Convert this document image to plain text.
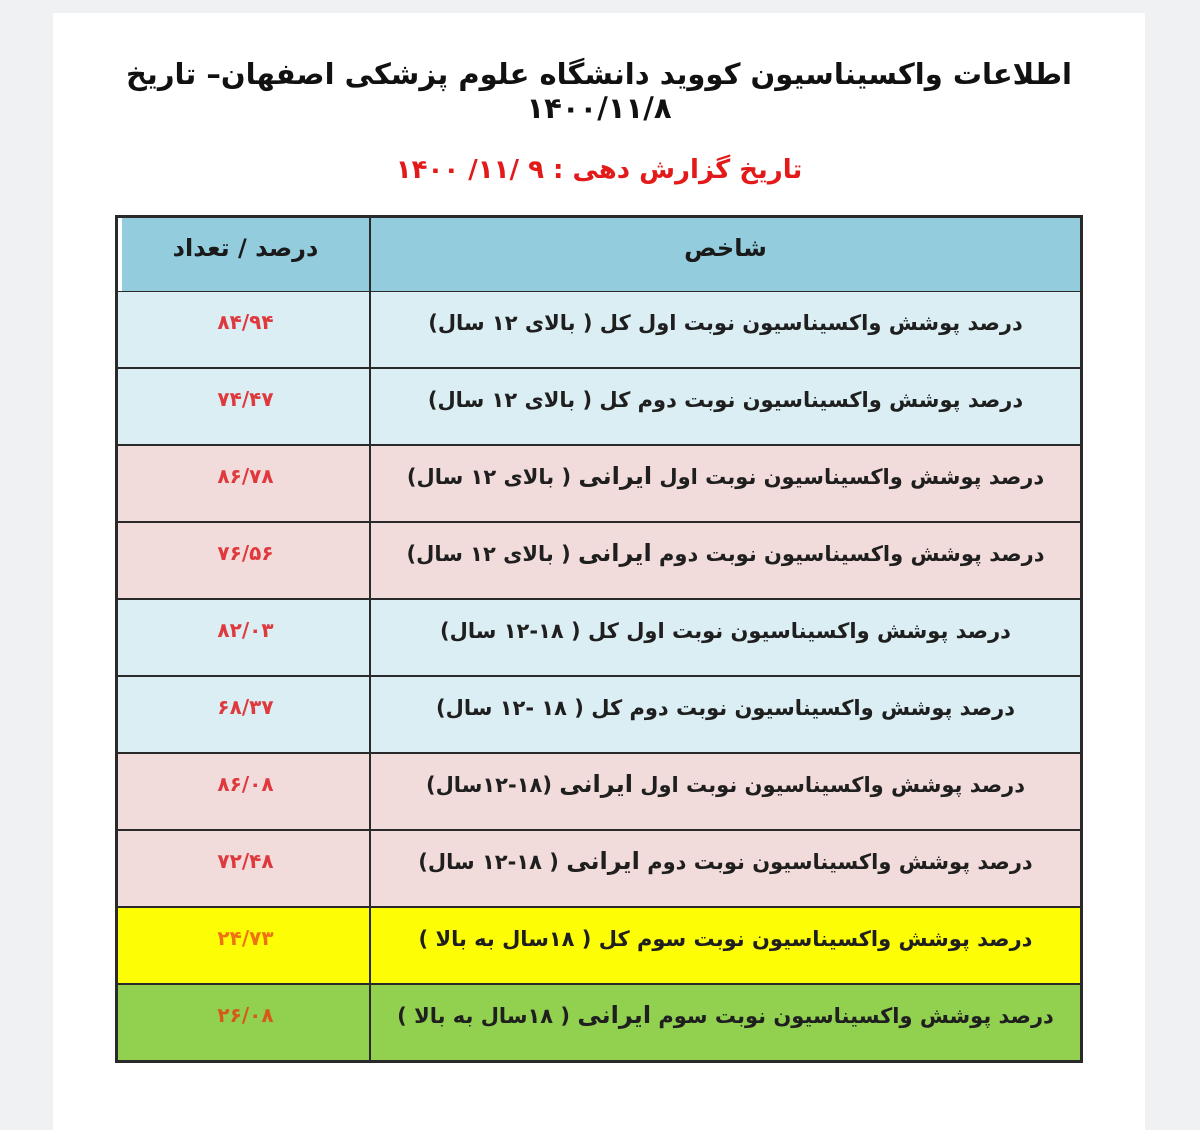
اطلاعات واکسیناسیون کووید دانشگاه علوم پزشکی اصفهان– تاریخ ۱۴۰۰/۱۱/۸
تاریخ گزارش دهی : ۹ /۱۱/ ۱۴۰۰
شاخص
درصد / تعداد
درصد پوشش واکسیناسیون نوبت اول کل ( بالای ۱۲ سال)
۸۴/۹۴
درصد پوشش واکسیناسیون نوبت دوم کل ( بالای ۱۲ سال)
۷۴/۴۷
درصد پوشش واکسیناسیون نوبت اول ایرانی ( بالای ۱۲ سال)
۸۶/۷۸
درصد پوشش واکسیناسیون نوبت دوم ایرانی ( بالای ۱۲ سال)
۷۶/۵۶
درصد پوشش واکسیناسیون نوبت اول کل ( ۱۸-۱۲ سال)
۸۲/۰۳
درصد پوشش واکسیناسیون نوبت دوم کل ( ۱۸ -۱۲ سال)
۶۸/۳۷
درصد پوشش واکسیناسیون نوبت اول ایرانی (۱۸-۱۲سال)
۸۶/۰۸
درصد پوشش واکسیناسیون نوبت دوم ایرانی ( ۱۸-۱۲ سال)
۷۲/۴۸
درصد پوشش واکسیناسیون نوبت سوم کل ( ۱۸سال به بالا )
۲۴/۷۳
درصد پوشش واکسیناسیون نوبت سوم ایرانی ( ۱۸سال به بالا )
۲۶/۰۸
